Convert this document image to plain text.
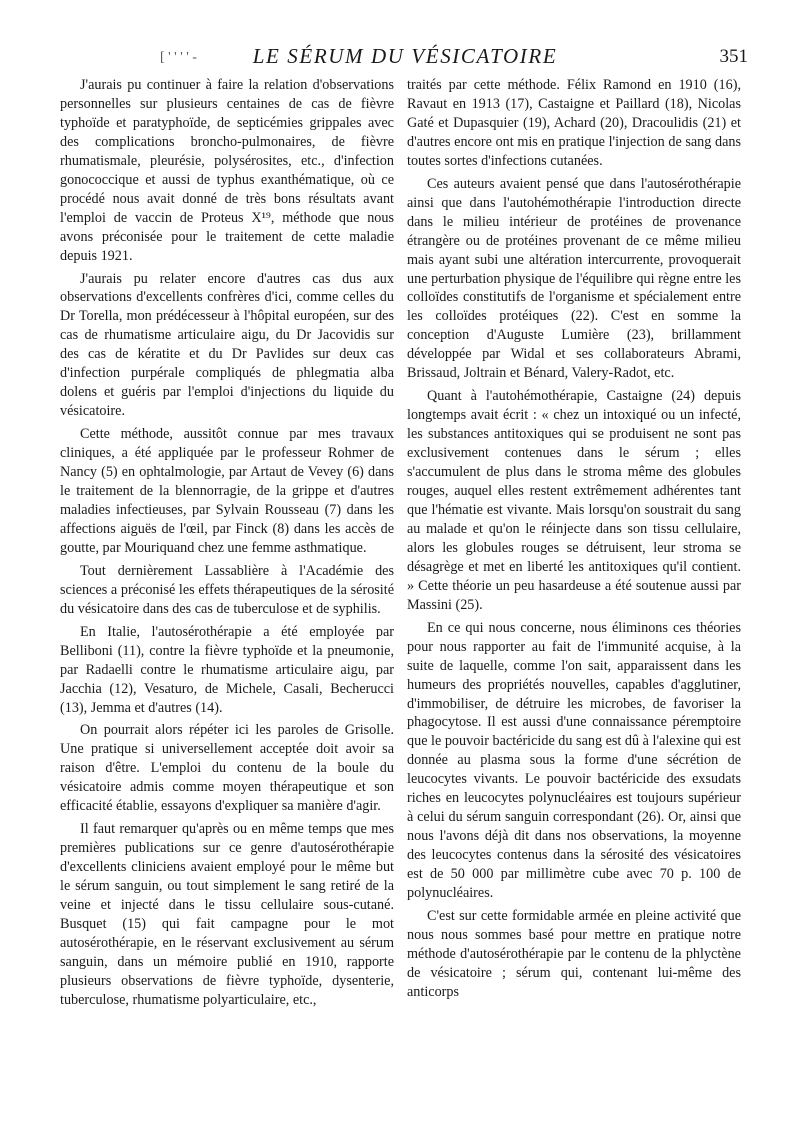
[ ' ' ' ' -	LE SÉRUM DU VÉSICATOIRE	351

J'aurais pu continuer à faire la relation d'observations personnelles sur plusieurs centaines de cas de fièvre typhoïde et paratyphoïde, de septicémies grippales avec des complications broncho-pulmonaires, de fièvre rhumatismale, pleurésie, polysérosites, etc., d'infection gonococcique et aussi de typhus exanthématique, où ce procédé nous avait donné de très bons résultats avant l'emploi de vaccin de Proteus X¹⁹, méthode que nous avons préconisée pour le traitement de cette maladie depuis 1921.

J'aurais pu relater encore d'autres cas dus aux observations d'excellents confrères d'ici, comme celles du Dr Torella, mon prédécesseur à l'hôpital européen, sur des cas de rhumatisme articulaire aigu, du Dr Jacovidis sur des cas de kératite et du Dr Pavlides sur deux cas d'infection purpérale compliqués de phlegmatia alba dolens et guéris par l'emploi d'injections du liquide du vésicatoire.

Cette méthode, aussitôt connue par mes travaux cliniques, a été appliquée par le professeur Rohmer de Nancy (5) en ophtalmologie, par Artaut de Vevey (6) dans le traitement de la blennorragie, de la grippe et d'autres maladies infectieuses, par Sylvain Rousseau (7) dans les affections aiguës de l'œil, par Finck (8) dans les accès de goutte, par Mouriquand chez une femme asthmatique.

Tout dernièrement Lassablière à l'Académie des sciences a préconisé les effets thérapeutiques de la sérosité du vésicatoire dans des cas de tuberculose et de syphilis.

En Italie, l'autosérothérapie a été employée par Belliboni (11), contre la fièvre typhoïde et la pneumonie, par Radaelli contre le rhumatisme articulaire aigu, par Jacchia (12), Vesaturo, de Michele, Casali, Becherucci (13), Jemma et d'autres (14).

On pourrait alors répéter ici les paroles de Grisolle. Une pratique si universellement acceptée doit avoir sa raison d'être. L'emploi du contenu de la boule du vésicatoire admis comme moyen thérapeutique et son efficacité établie, essayons d'expliquer sa manière d'agir.

Il faut remarquer qu'après ou en même temps que mes premières publications sur ce genre d'autosérothérapie d'excellents cliniciens avaient employé pour le même but le sérum sanguin, ou tout simplement le sang retiré de la veine et injecté dans le tissu cellulaire sous-cutané. Busquet (15) qui fait campagne pour le mot autosérothérapie, en le réservant exclusivement au sérum sanguin, dans un mémoire publié en 1910, rapporte plusieurs observations de fièvre typhoïde, dysenterie, tuberculose, rhumatisme polyarticulaire, etc.,

traités par cette méthode. Félix Ramond en 1910 (16), Ravaut en 1913 (17), Castaigne et Paillard (18), Nicolas Gaté et Dupasquier (19), Achard (20), Dracoulidis (21) et d'autres encore ont mis en pratique l'injection de sang dans toutes sortes d'infections cutanées.

Ces auteurs avaient pensé que dans l'autosérothérapie ainsi que dans l'autohémothérapie l'introduction directe dans le milieu intérieur de protéines de provenance étrangère ou de protéines provenant de ce même milieu mais ayant subi une altération intercurrente, provoquerait une perturbation physique de l'équilibre qui règne entre les colloïdes constitutifs de l'organisme et spécialement entre les colloïdes protéiques (22). C'est en somme la conception d'Auguste Lumière (23), brillamment développée par Widal et ses collaborateurs Abrami, Brissaud, Joltrain et Bénard, Valery-Radot, etc.

Quant à l'autohémothérapie, Castaigne (24) depuis longtemps avait écrit : « chez un intoxiqué ou un infecté, les substances antitoxiques qui se produisent ne sont pas exclusivement contenues dans le sérum ; elles s'accumulent de plus dans le stroma même des globules rouges, auquel elles restent extrêmement adhérentes tant que l'hématie est vivante. Mais lorsqu'on soustrait du sang au malade et qu'on le réinjecte dans son tissu cellulaire, alors les globules rouges se détruisent, leur stroma se désagrège et met en liberté les antitoxiques qu'il contient. » Cette théorie un peu hasardeuse a été soutenue aussi par Massini (25).

En ce qui nous concerne, nous éliminons ces théories pour nous rapporter au fait de l'immunité acquise, à la suite de laquelle, comme l'on sait, apparaissent dans les humeurs des propriétés nouvelles, capables d'agglutiner, d'immobiliser, de détruire les microbes, de favoriser la phagocytose. Il est aussi d'une connaissance péremptoire que le pouvoir bactéricide du sang est dû à l'alexine qui est donnée au plasma sous la forme d'une sécrétion de leucocytes vivants. Le pouvoir bactéricide des exsudats riches en leucocytes polynucléaires est toujours supérieur à celui du sérum sanguin correspondant (26). Or, ainsi que nous l'avons déjà dit dans nos observations, la moyenne des leucocytes contenus dans la sérosité des vésicatoires est de 50 000 par millimètre cube avec 70 p. 100 de polynucléaires.

C'est sur cette formidable armée en pleine activité que nous nous sommes basé pour mettre en pratique notre méthode d'autosérothérapie par le contenu de la phlyctène de vésicatoire ; sérum qui, contenant lui-même des anticorps
